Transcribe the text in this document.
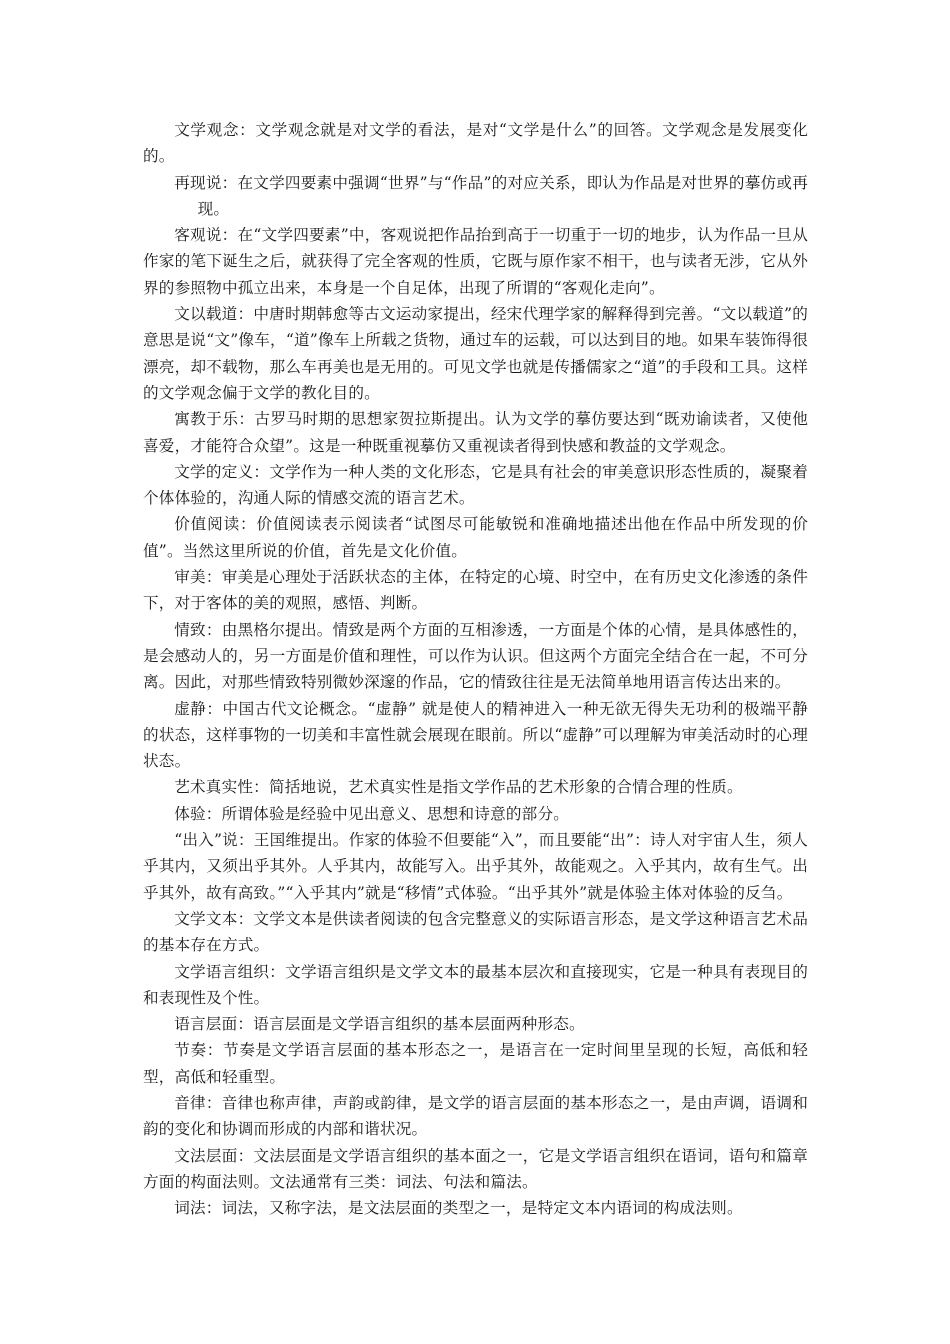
文学观念：文学观念就是对文学的看法，是对“文学是什么”的回答。文学观念是发展变化的。

再现说：在文学四要素中强调“世界”与“作品”的对应关系，即认为作品是对世界的摹仿或再现。

客观说：在“文学四要素”中，客观说把作品抬到高于一切重于一切的地步，认为作品一旦从作家的笔下诞生之后，就获得了完全客观的性质，它既与原作家不相干，也与读者无涉，它从外界的参照物中孤立出来，本身是一个自足体，出现了所谓的“客观化走向”。

文以载道：中唐时期韩愈等古文运动家提出，经宋代理学家的解释得到完善。“文以载道”的意思是说“文”像车，“道”像车上所载之货物，通过车的运载，可以达到目的地。如果车装饰得很漂亮，却不载物，那么车再美也是无用的。可见文学也就是传播儒家之“道”的手段和工具。这样的文学观念偏于文学的教化目的。

寓教于乐：古罗马时期的思想家贺拉斯提出。认为文学的摹仿要达到“既劝谕读者，又使他喜爱，才能符合众望”。这是一种既重视摹仿又重视读者得到快感和教益的文学观念。

文学的定义：文学作为一种人类的文化形态，它是具有社会的审美意识形态性质的，凝聚着个体体验的，沟通人际的情感交流的语言艺术。

价值阅读：价值阅读表示阅读者“试图尽可能敏锐和准确地描述出他在作品中所发现的价值”。当然这里所说的价值，首先是文化价值。

审美：审美是心理处于活跃状态的主体，在特定的心境、时空中，在有历史文化渗透的条件下，对于客体的美的观照，感悟、判断。

情致：由黑格尔提出。情致是两个方面的互相渗透，一方面是个体的心情，是具体感性的，是会感动人的，另一方面是价值和理性，可以作为认识。但这两个方面完全结合在一起，不可分离。因此，对那些情致特别微妙深邃的作品，它的情致往往是无法简单地用语言传达出来的。

虚静：中国古代文论概念。“虚静” 就是使人的精神进入一种无欲无得失无功利的极端平静的状态，这样事物的一切美和丰富性就会展现在眼前。所以“虚静”可以理解为审美活动时的心理状态。

艺术真实性：简括地说，艺术真实性是指文学作品的艺术形象的合情合理的性质。

体验：所谓体验是经验中见出意义、思想和诗意的部分。

“出入”说：王国维提出。作家的体验不但要能“入”，而且要能“出”：诗人对宇宙人生，须人乎其内，又须出乎其外。人乎其内，故能写入。出乎其外，故能观之。入乎其内，故有生气。出乎其外，故有高致。”“入乎其内”就是“移情”式体验。“出乎其外”就是体验主体对体验的反刍。

文学文本：文学文本是供读者阅读的包含完整意义的实际语言形态，是文学这种语言艺术品的基本存在方式。

文学语言组织：文学语言组织是文学文本的最基本层次和直接现实，它是一种具有表现目的和表现性及个性。

语言层面：语言层面是文学语言组织的基本层面两种形态。

节奏：节奏是文学语言层面的基本形态之一，是语言在一定时间里呈现的长短，高低和轻型，高低和轻重型。

音律：音律也称声律，声韵或韵律，是文学的语言层面的基本形态之一，是由声调，语调和韵的变化和协调而形成的内部和谐状况。

文法层面：文法层面是文学语言组织的基本面之一，它是文学语言组织在语词，语句和篇章方面的构面法则。文法通常有三类：词法、句法和篇法。

词法：词法，又称字法，是文法层面的类型之一，是特定文本内语词的构成法则。
